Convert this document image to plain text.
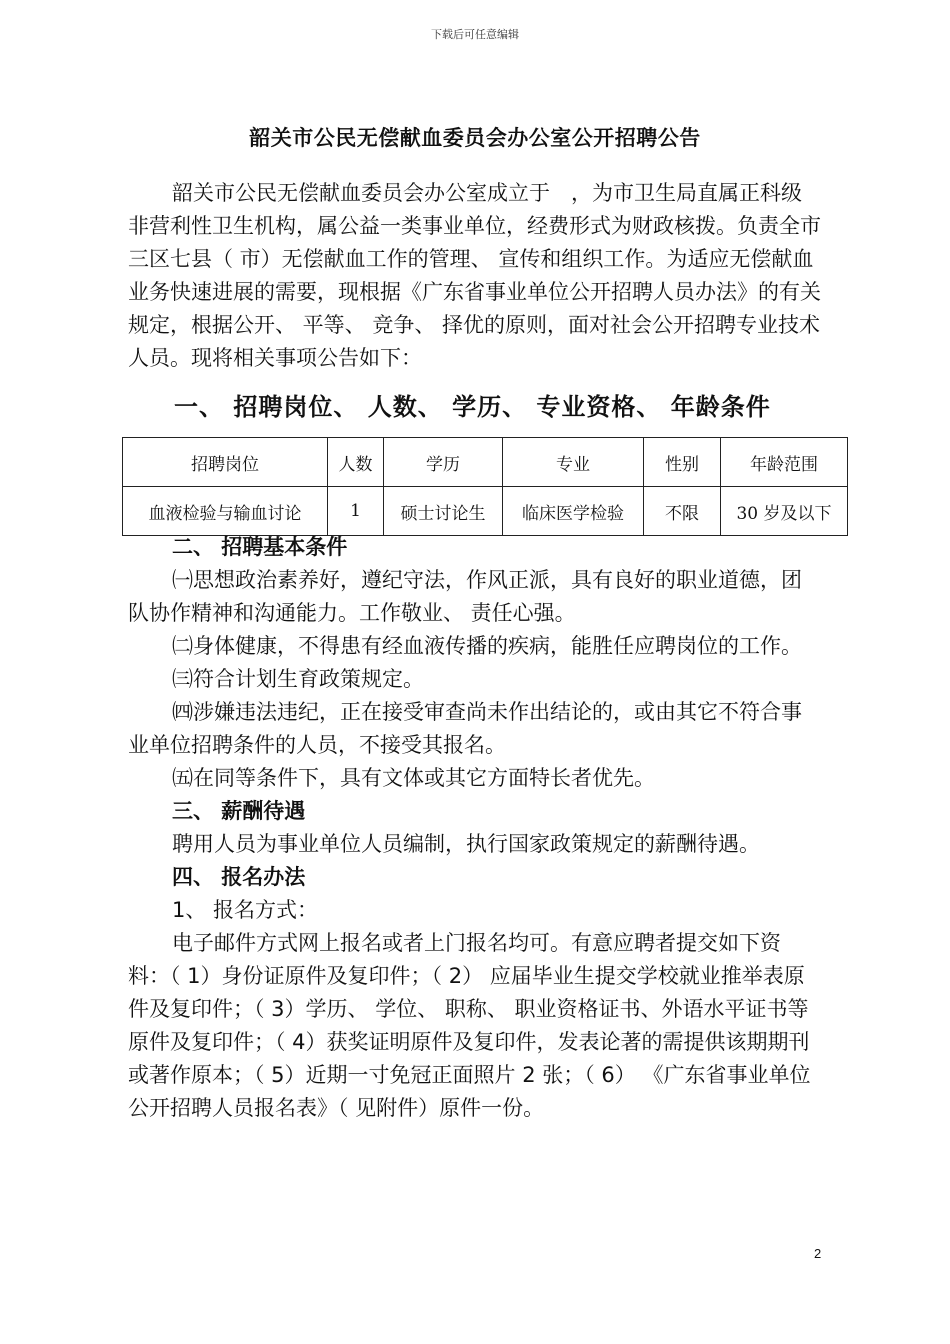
下载后可任意编辑
韶关市公民无偿献血委员会办公室公开招聘公告

韶关市公民无偿献血委员会办公室成立于　，为市卫生局直属正科级非营利性卫生机构，属公益一类事业单位，经费形式为财政核拨。负责全市三区七县（ 市）无偿献血工作的管理、 宣传和组织工作。为适应无偿献血业务快速进展的需要，现根据《广东省事业单位公开招聘人员办法》的有关规定，根据公开、 平等、 竞争、 择优的原则，面对社会公开招聘专业技术人员。现将相关事项公告如下：

一、 招聘岗位、 人数、 学历、 专业资格、 年龄条件
招聘岗位	人数	学历	专业	性别	年龄范围
血液检验与输血讨论	1	硕士讨论生	临床医学检验	不限	30 岁及以下

二、 招聘基本条件

㈠思想政治素养好，遵纪守法，作风正派，具有良好的职业道德，团队协作精神和沟通能力。工作敬业、 责任心强。

㈡身体健康，不得患有经血液传播的疾病，能胜任应聘岗位的工作。

㈢符合计划生育政策规定。

㈣涉嫌违法违纪，正在接受审查尚未作出结论的，或由其它不符合事业单位招聘条件的人员，不接受其报名。

㈤在同等条件下，具有文体或其它方面特长者优先。

三、 薪酬待遇

聘用人员为事业单位人员编制，执行国家政策规定的薪酬待遇。

四、 报名办法

1、 报名方式：

电子邮件方式网上报名或者上门报名均可。有意应聘者提交如下资料：（ 1）身份证原件及复印件；（ 2） 应届毕业生提交学校就业推举表原件及复印件；（ 3）学历、 学位、 职称、 职业资格证书、外语水平证书等原件及复印件；（ 4）获奖证明原件及复印件，发表论著的需提供该期期刊或著作原本；（ 5）近期一寸免冠正面照片 2 张；（ 6） 《广东省事业单位公开招聘人员报名表》（ 见附件）原件一份。

2
